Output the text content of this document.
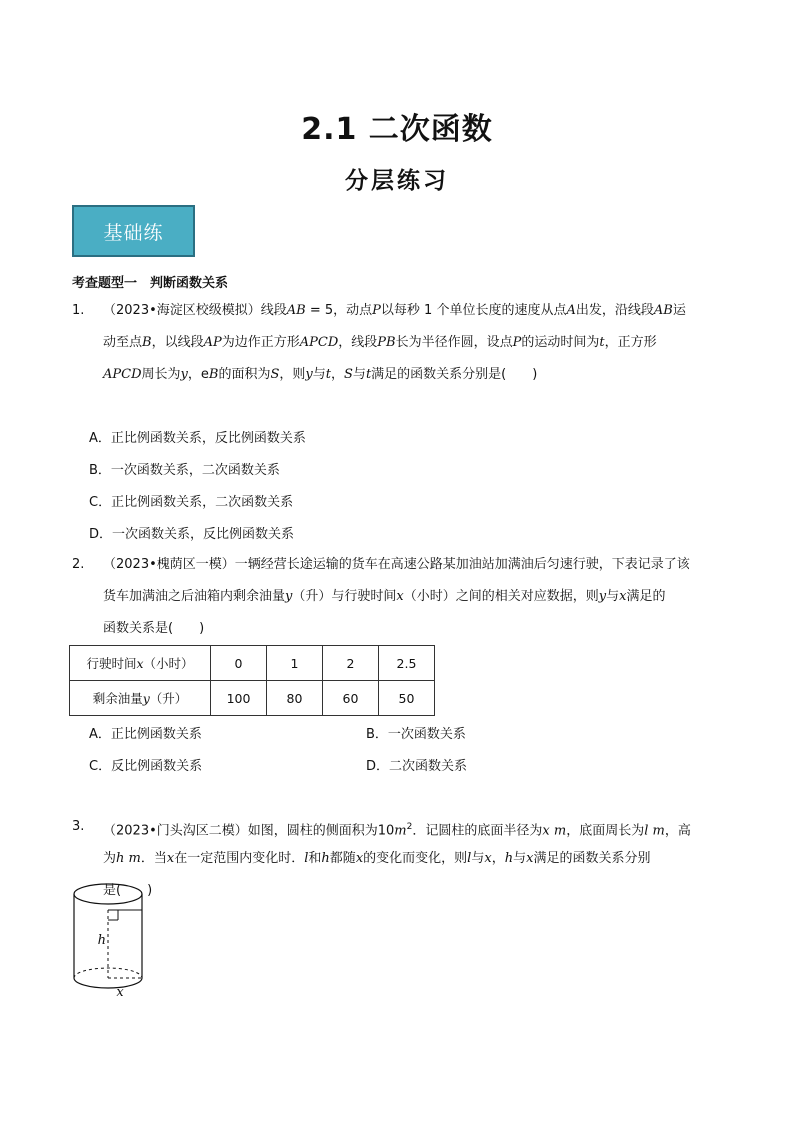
2.1 二次函数
分层练习
基础练
考查题型一　判断函数关系
1. （2023•海淀区校级模拟）线段AB = 5，动点P以每秒 1 个单位长度的速度从点A出发，沿线段AB运
动至点B，以线段AP为边作正方形APCD，线段PB长为半径作圆，设点P的运动时间为t，正方形
APCD周长为y，eB的面积为S，则y与t，S与t满足的函数关系分别是(　　)
A．正比例函数关系，反比例函数关系
B．一次函数关系，二次函数关系
C．正比例函数关系，二次函数关系
D．一次函数关系，反比例函数关系
2. （2023•槐荫区一模）一辆经营长途运输的货车在高速公路某加油站加满油后匀速行驶，下表记录了该
货车加满油之后油箱内剩余油量y（升）与行驶时间x（小时）之间的相关对应数据，则y与x满足的
函数关系是(　　)
行驶时间x（小时）	0	1	2	2.5
剩余油量y（升）	100	80	60	50
A．正比例函数关系	B．一次函数关系
C．反比例函数关系	D．二次函数关系
3. （2023•门头沟区二模）如图，圆柱的侧面积为$10m^2$．记圆柱的底面半径为x m，底面周长为l m，高
为h m．当x在一定范围内变化时．l和h都随x的变化而变化，则l与x，h与x满足的函数关系分别
是(　　)
h
x
